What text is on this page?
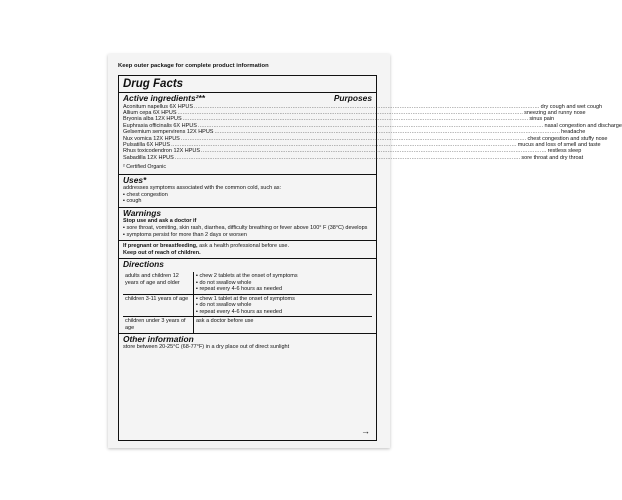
Keep outer package for complete product information
Drug Facts
Active ingredients²**	Purposes
Aconitum napellus 6X HPUS ........................................................................................................................................................................................................ dry cough and wet cough
Allium cepa 6X HPUS ........................................................................................................................................................................................................ sneezing and runny nose
Bryonia alba 12X HPUS ........................................................................................................................................................................................................ sinus pain
Euphrasia officinalis 6X HPUS ........................................................................................................................................................................................................ nasal congestion and discharge
Gelsemium sempervirens 12X HPUS ........................................................................................................................................................................................................ headache
Nux vomica 12X HPUS ........................................................................................................................................................................................................ chest congestion and stuffy nose
Pulsatilla 6X HPUS ........................................................................................................................................................................................................ mucus and loss of smell and taste
Rhus toxicodendron 12X HPUS ........................................................................................................................................................................................................ restless sleep
Sabadilla 12X HPUS ........................................................................................................................................................................................................ sore throat and dry throat
² Certified Organic
Uses*
addresses symptoms associated with the common cold, such as:
▪ chest congestion
▪ cough
Warnings
Stop use and ask a doctor if
▪ sore throat, vomiting, skin rash, diarrhea, difficulty breathing or fever above 100° F (38°C) develops
▪ symptoms persist for more than 2 days or worsen
If pregnant or breastfeeding, ask a health professional before use.
Keep out of reach of children.
Directions
adults and children 12 years of age and older	▪ chew 2 tablets at the onset of symptoms
▪ do not swallow whole
▪ repeat every 4-6 hours as needed

children 3-11 years of age	▪ chew 1 tablet at the onset of symptoms
▪ do not swallow whole
▪ repeat every 4-6 hours as needed

children under 3 years of age	ask a doctor before use
Other information
store between 20-25°C (68-77°F) in a dry place out of direct sunlight
→
